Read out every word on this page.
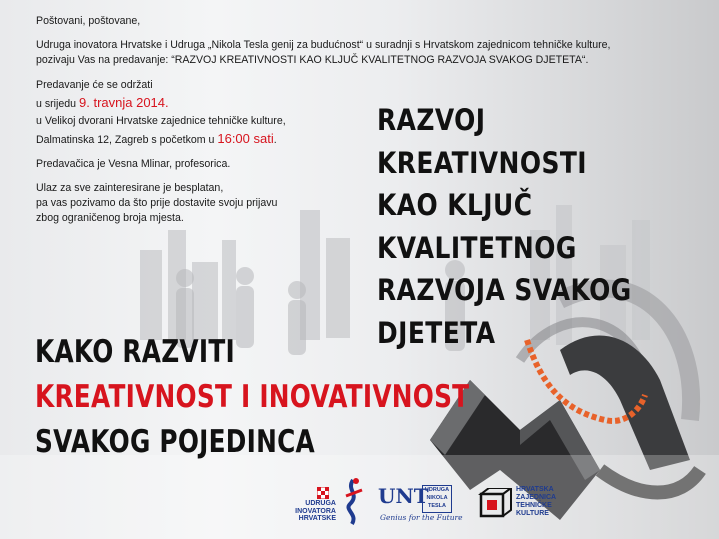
Poštovani, poštovane,

Udruga inovatora Hrvatske i Udruga „Nikola Tesla genij za budućnost“ u suradnji s Hrvatskom zajednicom tehničke kulture,

pozivaju Vas na predavanje: “RAZVOJ KREATIVNOSTI KAO KLJUČ KVALITETNOG RAZVOJA SVAKOG DJETETA“.

Predavanje će se održati

u srijedu 9. travnja 2014.

u Velikoj dvorani Hrvatske zajednice tehničke kulture,

Dalmatinska 12, Zagreb s početkom u 16:00 sati.

Predavačica je Vesna Mlinar, profesorica.

Ulaz za sve zainteresirane je besplatan,

pa vas pozivamo da što prije dostavite svoju prijavu

zbog ograničenog broja mjesta.

RAZVOJ
KREATIVNOSTI
KAO KLJUČ
KVALITETNOG
RAZVOJA SVAKOG
DJETETA
KAKO RAZVITI
KREATIVNOST I INOVATIVNOST
SVAKOG POJEDINCA
UDRUGA
INOVATORA
HRVATSKE
UNT
UDRUGA
NIKOLA
TESLA
Genius for the Future
HRVATSKA
ZAJEDNICA
TEHNIČKE
KULTURE
